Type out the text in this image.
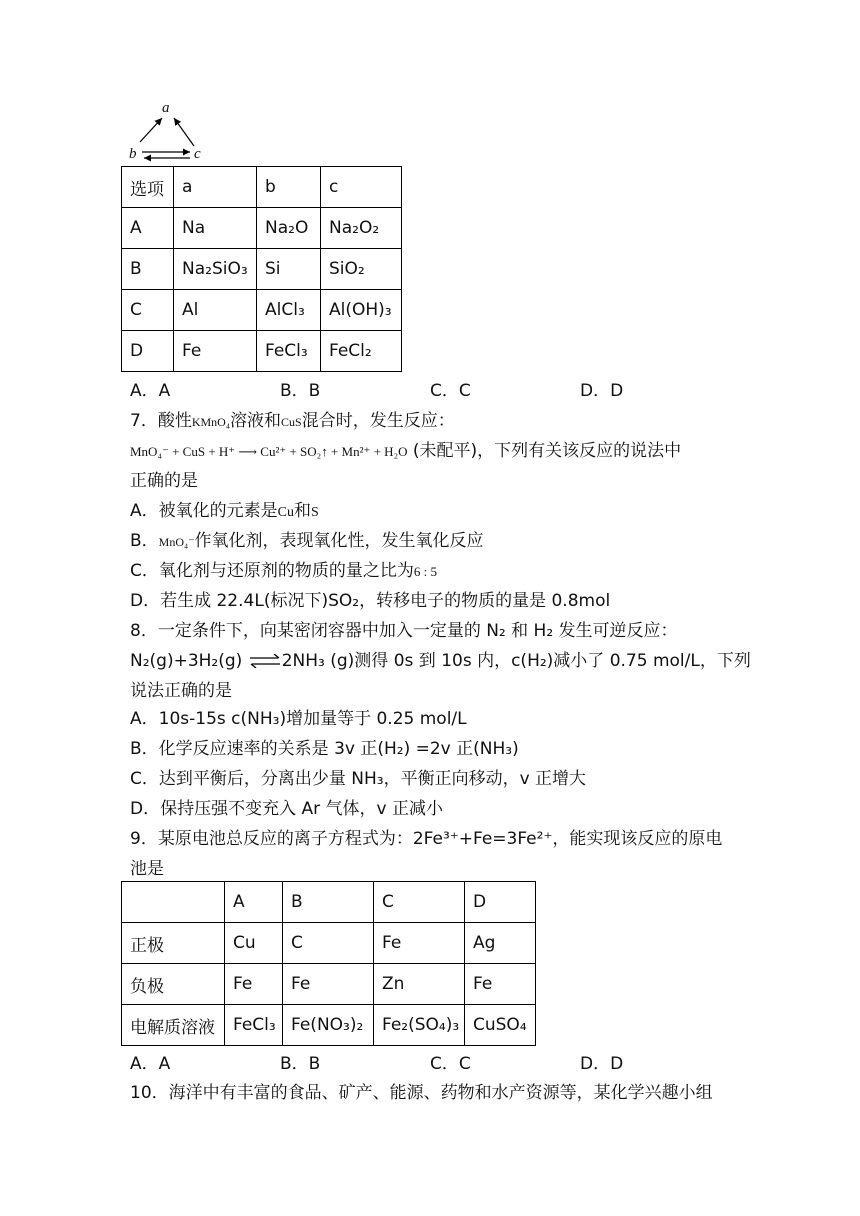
a
b	c
选项	a	b	c
A	Na	Na₂O	Na₂O₂
B	Na₂SiO₃	Si	SiO₂
C	Al	AlCl₃	Al(OH)₃
D	Fe	FeCl₃	FeCl₂
A．A	B．B	C．C	D．D
7．酸性KMnO₄溶液和CuS混合时，发生反应：
MnO₄⁻ + CuS + H⁺ ⟶ Cu²⁺ + SO₂↑ + Mn²⁺ + H₂O (未配平)，下列有关该反应的说法中
正确的是
A．被氧化的元素是Cu和S
B．MnO₄⁻作氧化剂，表现氧化性，发生氧化反应
C．氧化剂与还原剂的物质的量之比为6 : 5
D．若生成 22.4L(标况下)SO₂，转移电子的物质的量是 0.8mol
8．一定条件下，向某密闭容器中加入一定量的 N₂ 和 H₂ 发生可逆反应：
N₂(g)+3H₂(g) ⇌2NH₃ (g)测得 0s 到 10s 内，c(H₂)减小了 0.75 mol/L，下列
说法正确的是
A．10s-15s c(NH₃)增加量等于 0.25 mol/L
B．化学反应速率的关系是 3v 正(H₂) =2v 正(NH₃)
C．达到平衡后，分离出少量 NH₃，平衡正向移动，v 正增大
D．保持压强不变充入 Ar 气体，v 正减小
9．某原电池总反应的离子方程式为：2Fe³⁺+Fe=3Fe²⁺，能实现该反应的原电
池是
	A	B	C	D
正极	Cu	C	Fe	Ag
负极	Fe	Fe	Zn	Fe
电解质溶液	FeCl₃	Fe(NO₃)₂	Fe₂(SO₄)₃	CuSO₄
A．A	B．B	C．C	D．D
10．海洋中有丰富的食品、矿产、能源、药物和水产资源等，某化学兴趣小组
